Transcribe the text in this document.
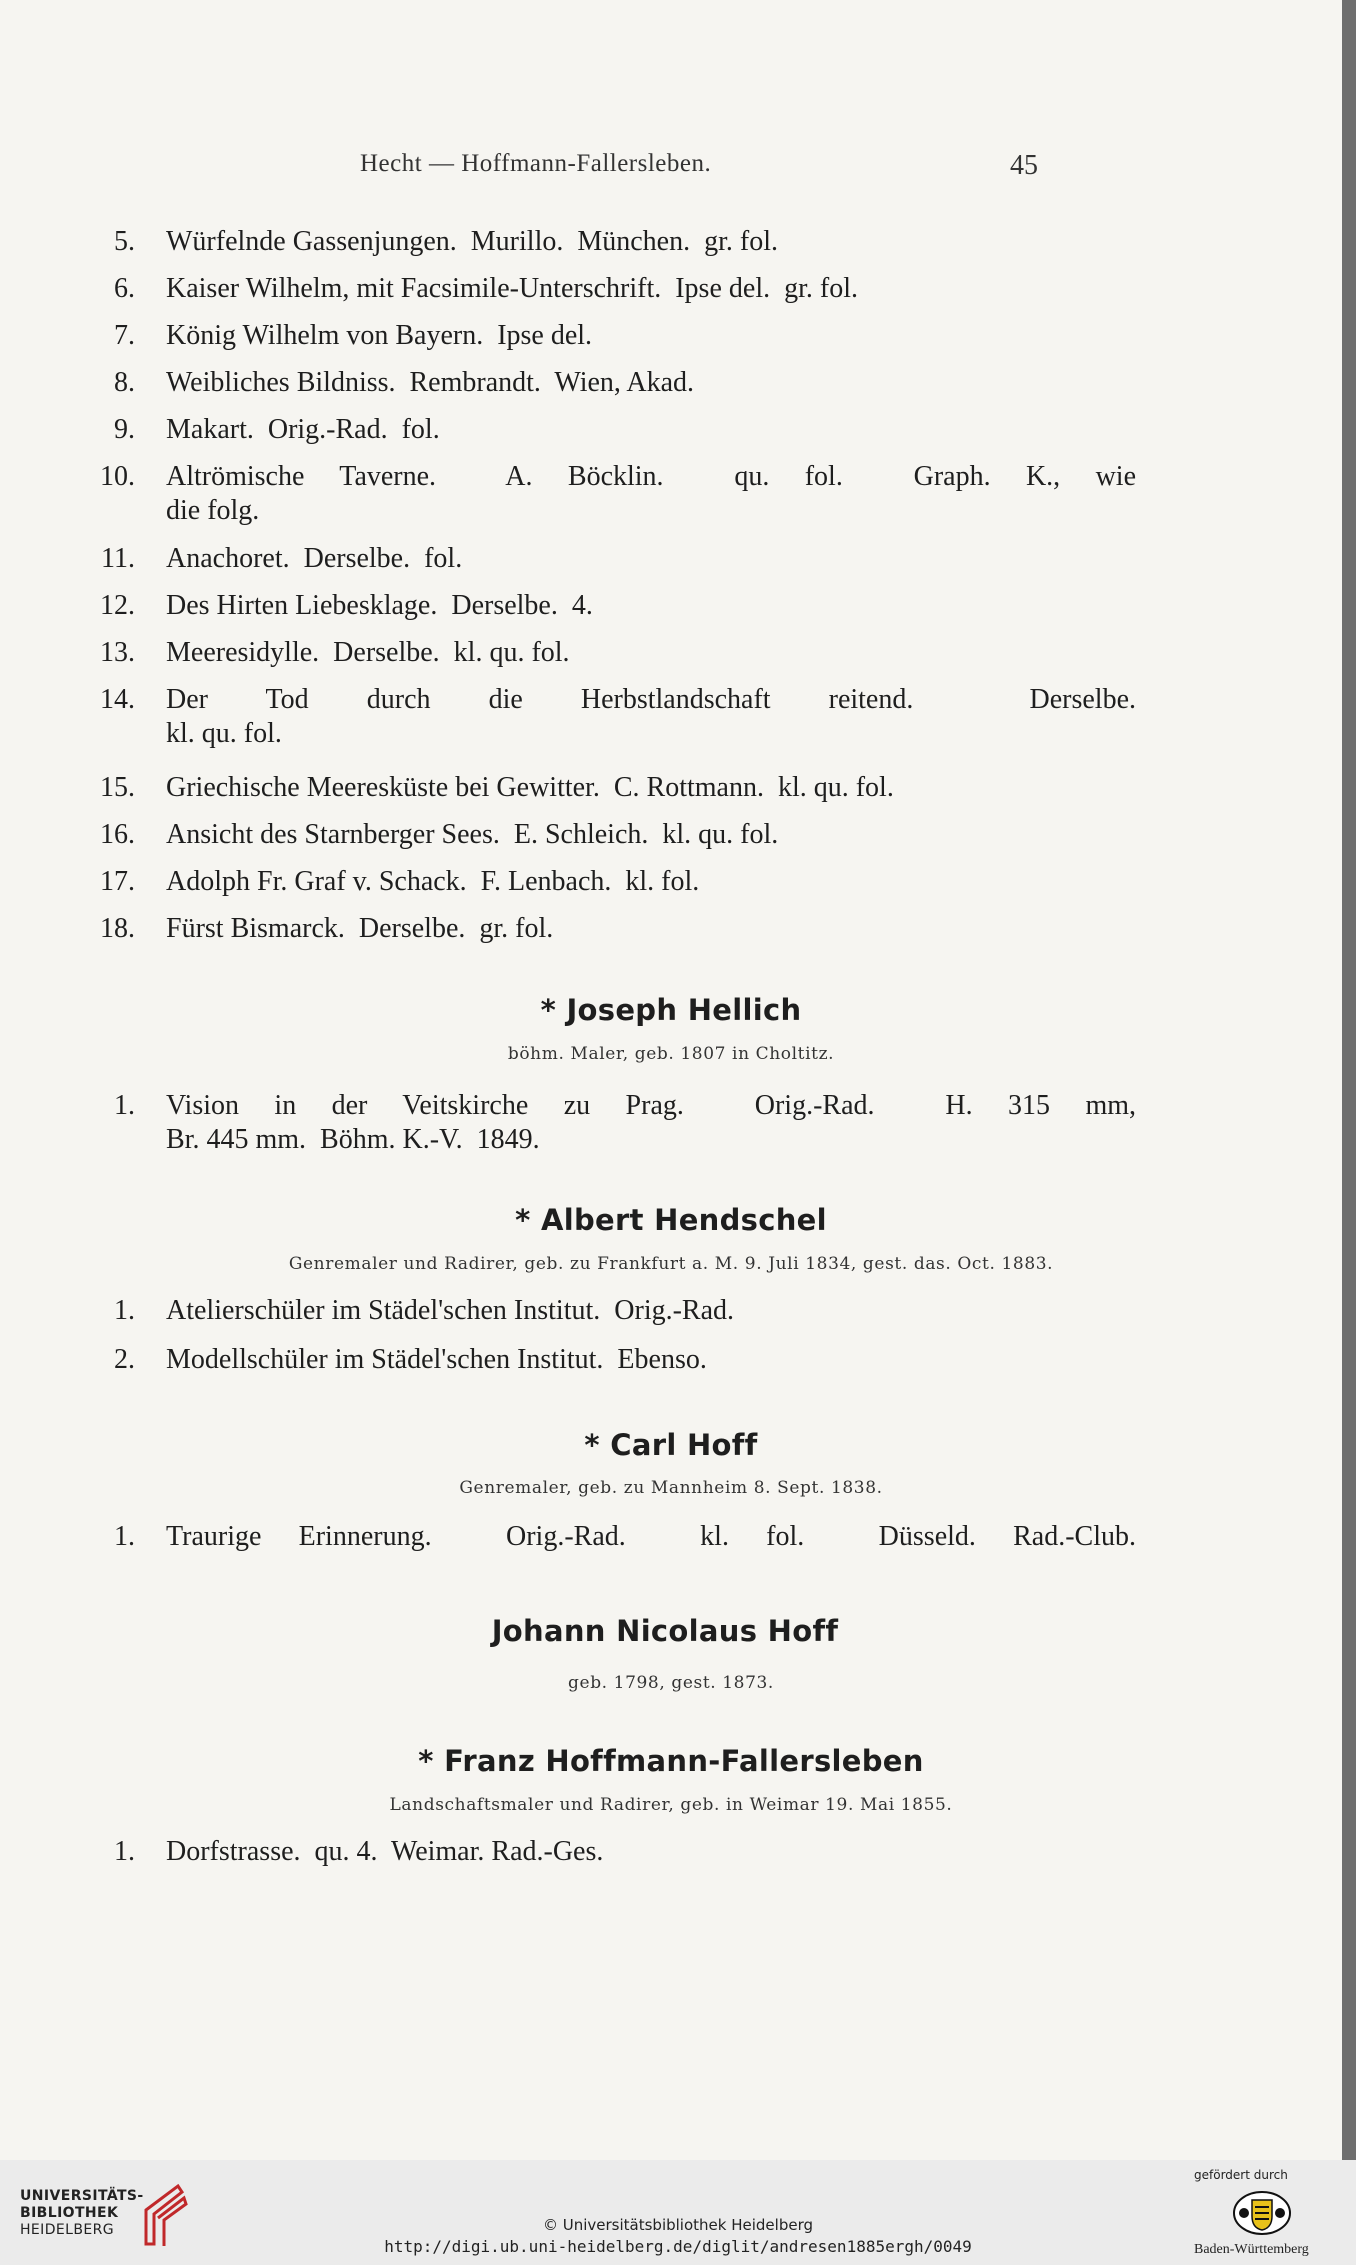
Hecht — Hoffmann-Fallersleben.	45
5. Würfelnde Gassenjungen.  Murillo.  München.  gr. fol.
6. Kaiser Wilhelm, mit Facsimile-Unterschrift.  Ipse del.  gr. fol.
7. König Wilhelm von Bayern.  Ipse del.
8. Weibliches Bildniss.  Rembrandt.  Wien, Akad.
9. Makart.  Orig.-Rad.  fol.
10. Altrömische Taverne.  A. Böcklin.  qu. fol.  Graph. K., wie
die folg.
11. Anachoret.  Derselbe.  fol.
12. Des Hirten Liebesklage.  Derselbe.  4.
13. Meeresidylle.  Derselbe.  kl. qu. fol.
14. Der Tod durch die Herbstlandschaft reitend.  Derselbe.
kl. qu. fol.
15. Griechische Meeresküste bei Gewitter.  C. Rottmann.  kl. qu. fol.
16. Ansicht des Starnberger Sees.  E. Schleich.  kl. qu. fol.
17. Adolph Fr. Graf v. Schack.  F. Lenbach.  kl. fol.
18. Fürst Bismarck.  Derselbe.  gr. fol.
* Joseph Hellich
böhm. Maler, geb. 1807 in Choltitz.
1. Vision in der Veitskirche zu Prag.  Orig.-Rad.  H. 315 mm,
Br. 445 mm.  Böhm. K.-V.  1849.
* Albert Hendschel
Genremaler und Radirer, geb. zu Frankfurt a. M. 9. Juli 1834, gest. das. Oct. 1883.
1. Atelierschüler im Städel'schen Institut.  Orig.-Rad.
2. Modellschüler im Städel'schen Institut.  Ebenso.
* Carl Hoff
Genremaler, geb. zu Mannheim 8. Sept. 1838.
1. Traurige Erinnerung.  Orig.-Rad.  kl. fol.  Düsseld. Rad.-Club.
Johann Nicolaus Hoff
geb. 1798, gest. 1873.
* Franz Hoffmann-Fallersleben
Landschaftsmaler und Radirer, geb. in Weimar 19. Mai 1855.
1. Dorfstrasse.  qu. 4.  Weimar. Rad.-Ges.
UNIVERSITÄTS-
BIBLIOTHEK
HEIDELBERG	© Universitätsbibliothek Heidelberg
http://digi.ub.uni-heidelberg.de/diglit/andresen1885ergh/0049
gefördert durch
Baden-Württemberg
